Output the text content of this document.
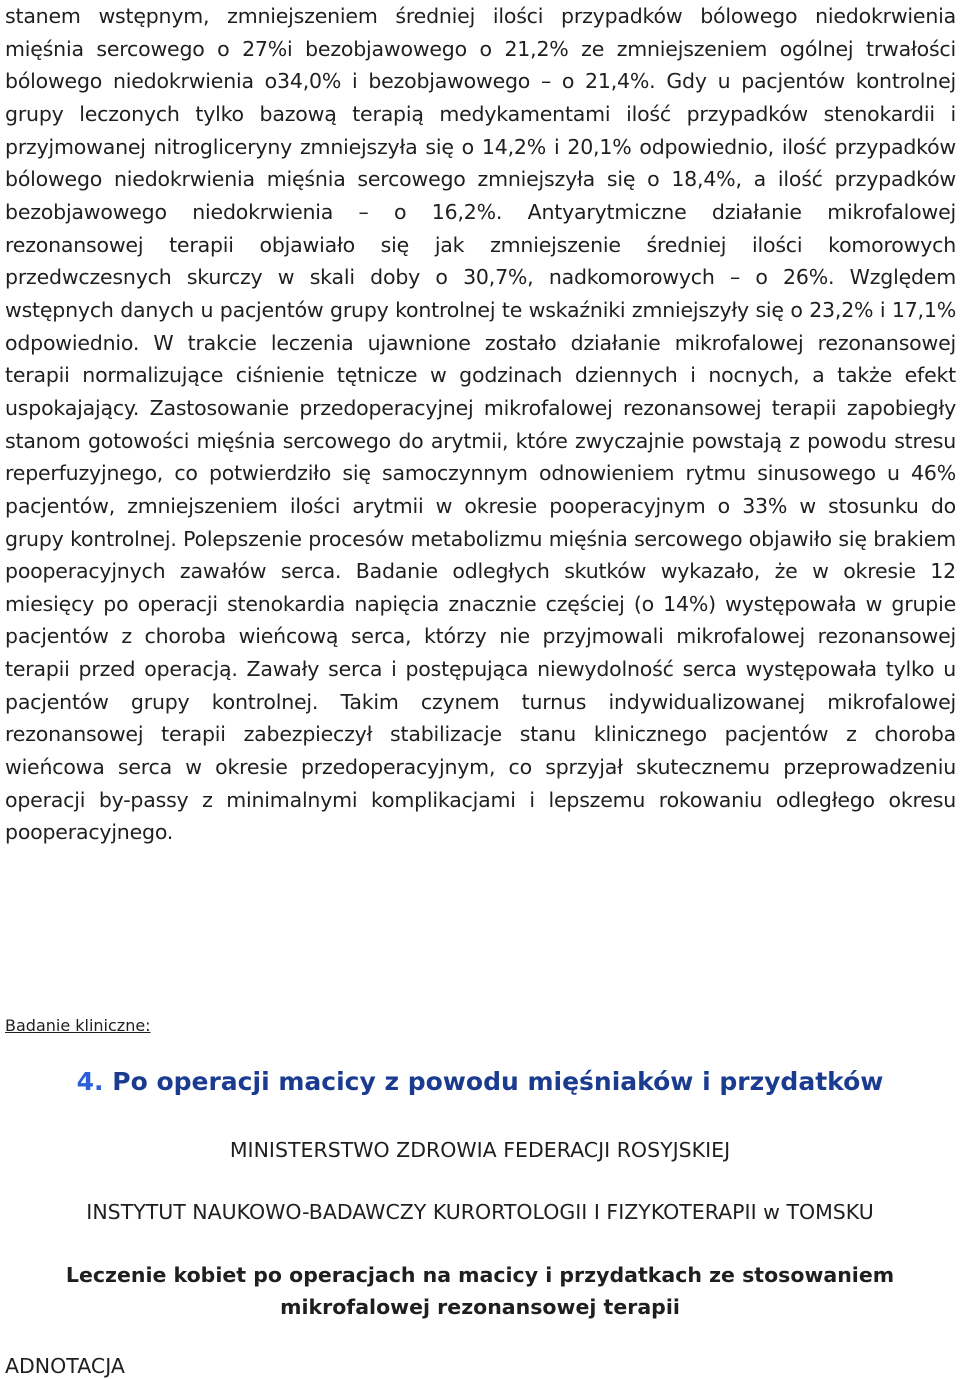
stanem wstępnym, zmniejszeniem średniej ilości przypadków bólowego niedokrwienia mięśnia sercowego o 27%i bezobjawowego o 21,2% ze zmniejszeniem ogólnej trwałości bólowego niedokrwienia o34,0% i bezobjawowego – o 21,4%. Gdy u pacjentów kontrolnej grupy leczonych tylko bazową terapią medykamentami ilość przypadków stenokardii i przyjmowanej nitrogliceryny zmniejszyła się o 14,2% i 20,1% odpowiednio, ilość przypadków bólowego niedokrwienia mięśnia sercowego zmniejszyła się o 18,4%, a ilość przypadków bezobjawowego niedokrwienia – o 16,2%. Antyarytmiczne działanie mikrofalowej rezonansowej terapii objawiało się jak zmniejszenie średniej ilości komorowych przedwczesnych skurczy w skali doby o 30,7%, nadkomorowych – o 26%. Względem wstępnych danych u pacjentów grupy kontrolnej te wskaźniki zmniejszyły się o 23,2% i 17,1% odpowiednio. W trakcie leczenia ujawnione zostało działanie mikrofalowej rezonansowej terapii normalizujące ciśnienie tętnicze w godzinach dziennych i nocnych, a także efekt uspokajający. Zastosowanie przedoperacyjnej mikrofalowej rezonansowej terapii zapobiegły stanom gotowości mięśnia sercowego do arytmii, które zwyczajnie powstają z powodu stresu reperfuzyjnego, co potwierdziło się samoczynnym odnowieniem rytmu sinusowego u 46% pacjentów, zmniejszeniem ilości arytmii w okresie pooperacyjnym o 33% w stosunku do grupy kontrolnej. Polepszenie procesów metabolizmu mięśnia sercowego objawiło się brakiem pooperacyjnych zawałów serca. Badanie odległych skutków wykazało, że w okresie 12 miesięcy po operacji stenokardia napięcia znacznie częściej (o 14%) występowała w grupie pacjentów z choroba wieńcową serca, którzy nie przyjmowali mikrofalowej rezonansowej terapii przed operacją. Zawały serca i postępująca niewydolność serca występowała tylko u pacjentów grupy kontrolnej. Takim czynem turnus indywidualizowanej mikrofalowej rezonansowej terapii zabezpieczył stabilizacje stanu klinicznego pacjentów z choroba wieńcowa serca w okresie przedoperacyjnym, co sprzyjał skutecznemu przeprowadzeniu operacji by-passy z minimalnymi komplikacjami i lepszemu rokowaniu odległego okresu pooperacyjnego.

Badanie kliniczne:
4. Po operacji macicy z powodu mięśniaków i przydatków
MINISTERSTWO ZDROWIA FEDERACJI ROSYJSKIEJ
INSTYTUT NAUKOWO-BADAWCZY KURORTOLOGII I FIZYKOTERAPII w TOMSKU
Leczenie kobiet po operacjach na macicy i przydatkach ze stosowaniem mikrofalowej rezonansowej terapii
ADNOTACJA
